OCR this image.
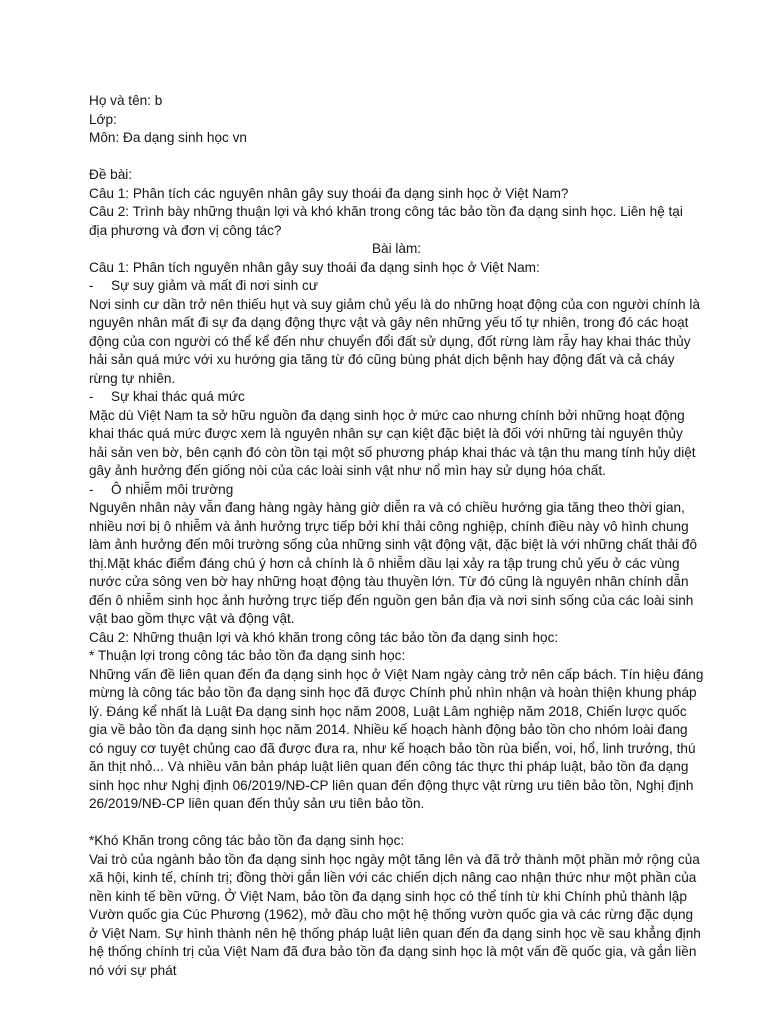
Họ và tên: b

Lớp:

Môn: Đa dạng sinh học vn

Đề bài:

Câu 1: Phân tích các nguyên nhân gây suy thoái đa dạng sinh học ở Việt Nam?

Câu 2: Trình bày những thuận lợi và khó khăn trong công tác bảo tồn đa dạng sinh học. Liên hệ tại địa phương và đơn vị công tác?

Bài làm:

Câu 1: Phân tích nguyên nhân gây suy thoái đa dạng sinh học ở Việt Nam:

-	Sự suy giảm và mất đi nơi sinh cư

Nơi sinh cư dần trở nên thiếu hụt và suy giảm chủ yếu là do những hoạt động của con người chính là nguyên nhân mất đi sự đa dạng động thực vật và gây nên những yếu tố tự nhiên, trong đó các hoạt động của con người có thể kể đến như chuyển đổi đất sử dụng, đốt rừng làm rẫy hay khai thác thủy hải sản quá mức với xu hướng gia tăng từ đó cũng bùng phát dịch bệnh hay động đất và cả cháy rừng tự nhiên.

-	Sự khai thác quá mức

Mặc dù Việt Nam ta sở hữu nguồn đa dạng sinh học ở mức cao nhưng chính bởi những hoạt động khai thác quá mức được xem là nguyên nhân sự cạn kiệt đặc biệt là đối với những tài nguyên thủy hải sản ven bờ, bên cạnh đó còn tồn tại một số phương pháp khai thác và tận thu mang tính hủy diệt gây ảnh hưởng đến giống nòi của các loài sinh vật như nổ mìn hay sử dụng hóa chất.

-	Ô nhiễm môi trường

Nguyên nhân này vẫn đang hàng ngày hàng giờ diễn ra và có chiều hướng gia tăng theo thời gian, nhiều nơi bị ô nhiễm và ảnh hưởng trực tiếp bởi khí thải công nghiệp, chính điều này vô hình chung làm ảnh hưởng đến môi trường sống của những sinh vật động vật, đặc biệt là với những chất thải đô thị.Mặt khác điểm đáng chú ý hơn cả chính là ô nhiễm dầu lại xảy ra tập trung chủ yếu ở các vùng nước cửa sông ven bờ hay những hoạt động tàu thuyền lớn. Từ đó cũng là nguyên nhân chính dẫn đến ô nhiễm sinh học ảnh hưởng trực tiếp đến nguồn gen bản địa và nơi sinh sống của các loài sinh vật bao gồm thực vật và động vật.

Câu 2: Những thuận lợi và khó khăn trong công tác bảo tồn đa dạng sinh học:

* Thuận lợi trong công tác bảo tồn đa dạng sinh học:

Những vấn đề liên quan đến đa dạng sinh học ở Việt Nam ngày càng trở nên cấp bách. Tín hiệu đáng mừng là công tác bảo tồn đa dạng sinh học đã được Chính phủ nhìn nhận và hoàn thiện khung pháp lý. Đáng kể nhất là Luật Đa dạng sinh học năm 2008, Luật Lâm nghiệp năm 2018, Chiến lược quốc gia về bảo tồn đa dạng sinh học năm 2014. Nhiều kế hoạch hành động bảo tồn cho nhóm loài đang có nguy cơ tuyệt chủng cao đã được đưa ra, như kế hoạch bảo tồn rùa biển, voi, hổ, linh trưởng, thú ăn thịt nhỏ... Và nhiều văn bản pháp luật liên quan đến công tác thực thi pháp luật, bảo tồn đa dạng sinh học như Nghị định 06/2019/NĐ-CP liên quan đến động thực vật rừng ưu tiên bảo tồn, Nghị định 26/2019/NĐ-CP liên quan đến thủy sản ưu tiên bảo tồn.

*Khó Khăn trong công tác bảo tồn đa dạng sinh học:

Vai trò của ngành bảo tồn đa dạng sinh học ngày một tăng lên và đã trở thành một phần mở rộng của xã hội, kinh tế, chính trị; đồng thời gắn liền với các chiến dịch nâng cao nhận thức như một phần của nền kinh tế bền vững. Ở Việt Nam, bảo tồn đa dạng sinh học có thể tính từ khi Chính phủ thành lập Vườn quốc gia Cúc Phương (1962), mở đầu cho một hệ thống vườn quốc gia và các rừng đặc dụng ở Việt Nam. Sự hình thành nên hệ thống pháp luật liên quan đến đa dạng sinh học về sau khẳng định hệ thống chính trị của Việt Nam đã đưa bảo tồn đa dạng sinh học là một vấn đề quốc gia, và gắn liền nó với sự phát
